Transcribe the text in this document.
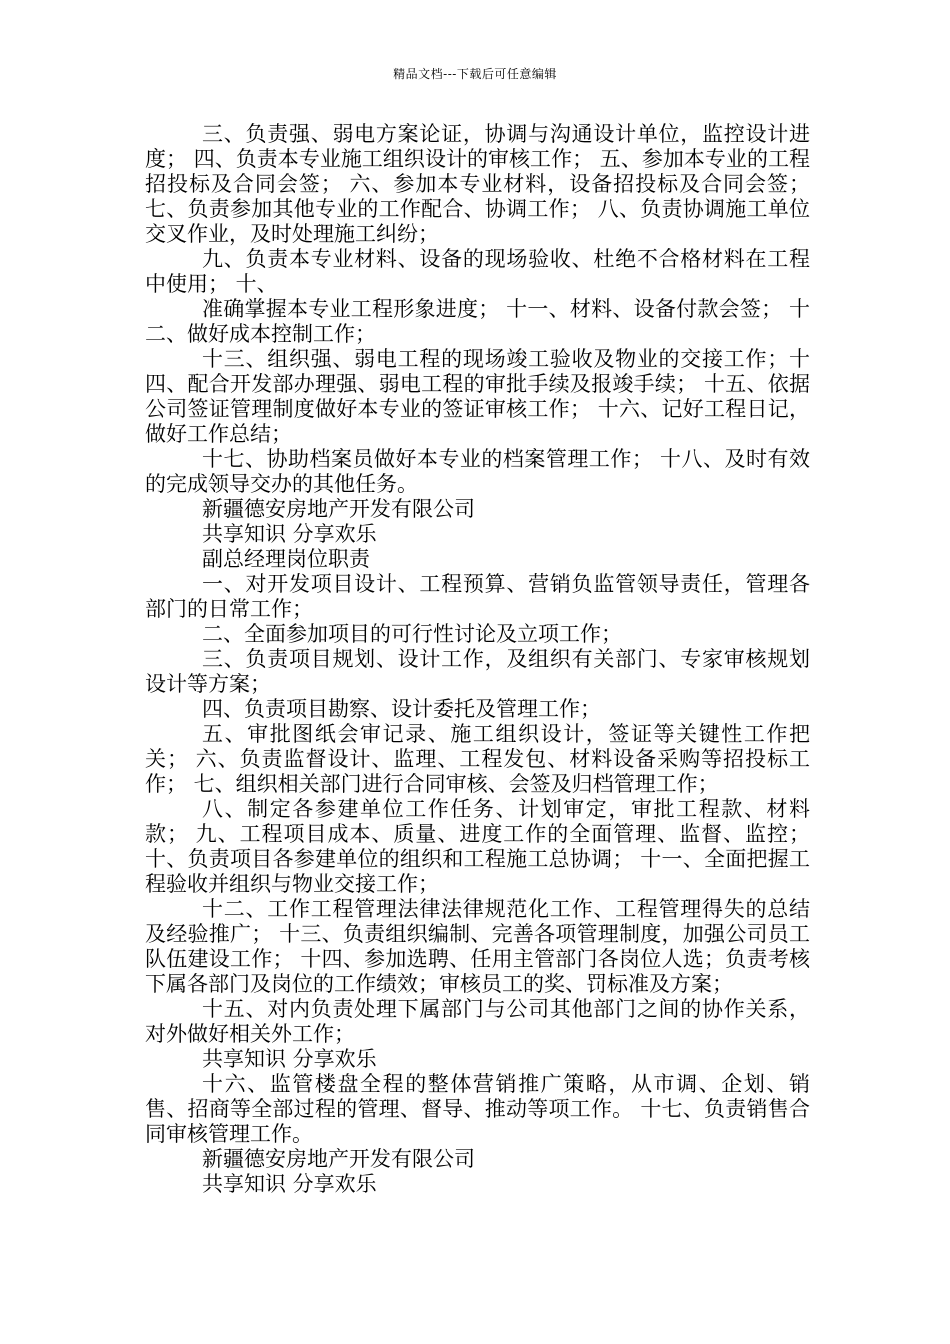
精品文档---下载后可任意编辑

三、负责强、弱电方案论证，协调与沟通设计单位，监控设计进度； 四、负责本专业施工组织设计的审核工作； 五、参加本专业的工程招投标及合同会签； 六、参加本专业材料，设备招投标及合同会签； 七、负责参加其他专业的工作配合、协调工作； 八、负责协调施工单位交叉作业，及时处理施工纠纷；

九、负责本专业材料、设备的现场验收、杜绝不合格材料在工程中使用； 十、

准确掌握本专业工程形象进度； 十一、材料、设备付款会签； 十二、做好成本控制工作；

十三、组织强、弱电工程的现场竣工验收及物业的交接工作；十四、配合开发部办理强、弱电工程的审批手续及报竣手续； 十五、依据公司签证管理制度做好本专业的签证审核工作； 十六、记好工程日记，做好工作总结；

十七、协助档案员做好本专业的档案管理工作； 十八、及时有效的完成领导交办的其他任务。

新疆德安房地产开发有限公司

共享知识 分享欢乐

副总经理岗位职责

一、对开发项目设计、工程预算、营销负监管领导责任，管理各部门的日常工作；

二、全面参加项目的可行性讨论及立项工作；

三、负责项目规划、设计工作，及组织有关部门、专家审核规划设计等方案；

四、负责项目勘察、设计委托及管理工作；

五、审批图纸会审记录、施工组织设计，签证等关键性工作把关； 六、负责监督设计、监理、工程发包、材料设备采购等招投标工作； 七、组织相关部门进行合同审核、会签及归档管理工作；

八、制定各参建单位工作任务、计划审定，审批工程款、材料款； 九、工程项目成本、质量、进度工作的全面管理、监督、监控； 十、负责项目各参建单位的组织和工程施工总协调； 十一、全面把握工程验收并组织与物业交接工作；

十二、工作工程管理法律法律规范化工作、工程管理得失的总结及经验推广； 十三、负责组织编制、完善各项管理制度，加强公司员工队伍建设工作； 十四、参加选聘、任用主管部门各岗位人选；负责考核下属各部门及岗位的工作绩效；审核员工的奖、罚标准及方案；

十五、对内负责处理下属部门与公司其他部门之间的协作关系，对外做好相关外工作；

共享知识 分享欢乐

十六、监管楼盘全程的整体营销推广策略，从市调、企划、销售、招商等全部过程的管理、督导、推动等项工作。 十七、负责销售合同审核管理工作。

新疆德安房地产开发有限公司

共享知识 分享欢乐
